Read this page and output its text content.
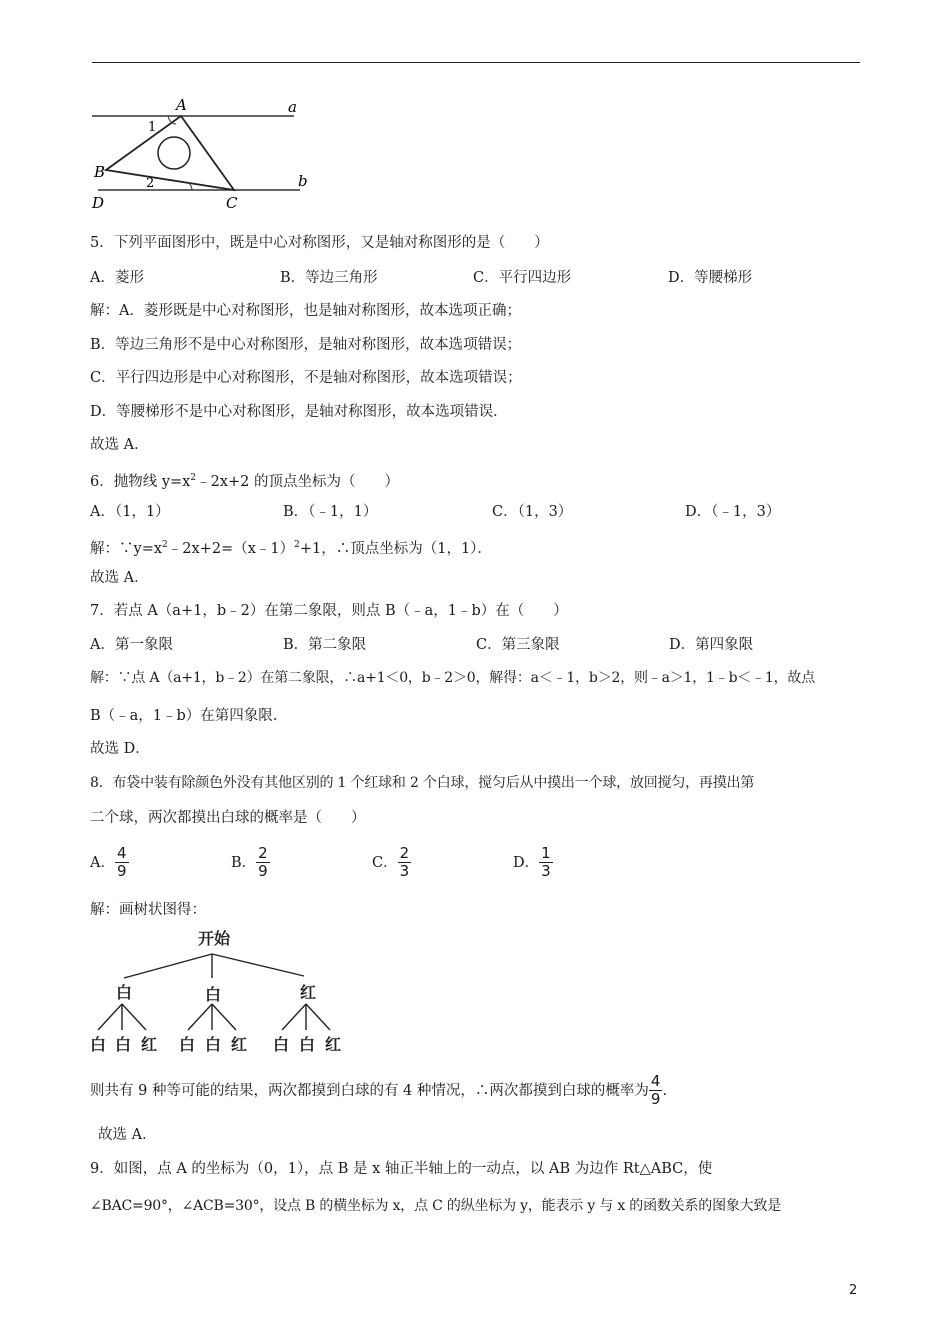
A	a
1
B
2	b
D	C
5．下列平面图形中，既是中心对称图形，又是轴对称图形的是（　　）
A．菱形	B．等边三角形	C．平行四边形	D．等腰梯形
解：A．菱形既是中心对称图形，也是轴对称图形，故本选项正确；
B．等边三角形不是中心对称图形，是轴对称图形，故本选项错误；
C．平行四边形是中心对称图形，不是轴对称图形，故本选项错误；
D．等腰梯形不是中心对称图形，是轴对称图形，故本选项错误．
故选 A．
6．抛物线 $y=x^2﹣2x+2$ 的顶点坐标为（　　）
A．（1，1）	B．（﹣1，1）	C．（1，3）	D．（﹣1，3）
解：$\because y=x^2﹣2x+2=(x﹣1)^2+1$，∴顶点坐标为（1，1）．
故选 A．
7．若点 A（a+1，b﹣2）在第二象限，则点 B（﹣a，1﹣b）在（　　）
A．第一象限	B．第二象限	C．第三象限	D．第四象限
解：∵点 A（a+1，b﹣2）在第二象限，∴a+1＜0，b﹣2＞0，解得：a＜﹣1，b＞2，则﹣a＞1，1﹣b＜﹣1，故点
B（﹣a，1﹣b）在第四象限.
故选 D．
8．布袋中装有除颜色外没有其他区别的 1 个红球和 2 个白球，搅匀后从中摸出一个球，放回搅匀，再摸出第
二个球，两次都摸出白球的概率是（　　）
A． $\frac{4}{9}$	B． $\frac{2}{9}$	C． $\frac{2}{3}$	D． $\frac{1}{3}$
解：画树状图得：
开始
白	白	红
白 白 红 白 白 红 白 白 红
则共有 9 种等可能的结果，两次都摸到白球的有 4 种情况，∴两次都摸到白球的概率为 $\frac{4}{9}$ .
故选 A．
9．如图，点 A 的坐标为（0，1），点 B 是 x 轴正半轴上的一动点，以 AB 为边作 Rt△ABC，使
∠BAC=90°，∠ACB=30°，设点 B 的横坐标为 x，点 C 的纵坐标为 y，能表示 y 与 x 的函数关系的图象大致是
2
